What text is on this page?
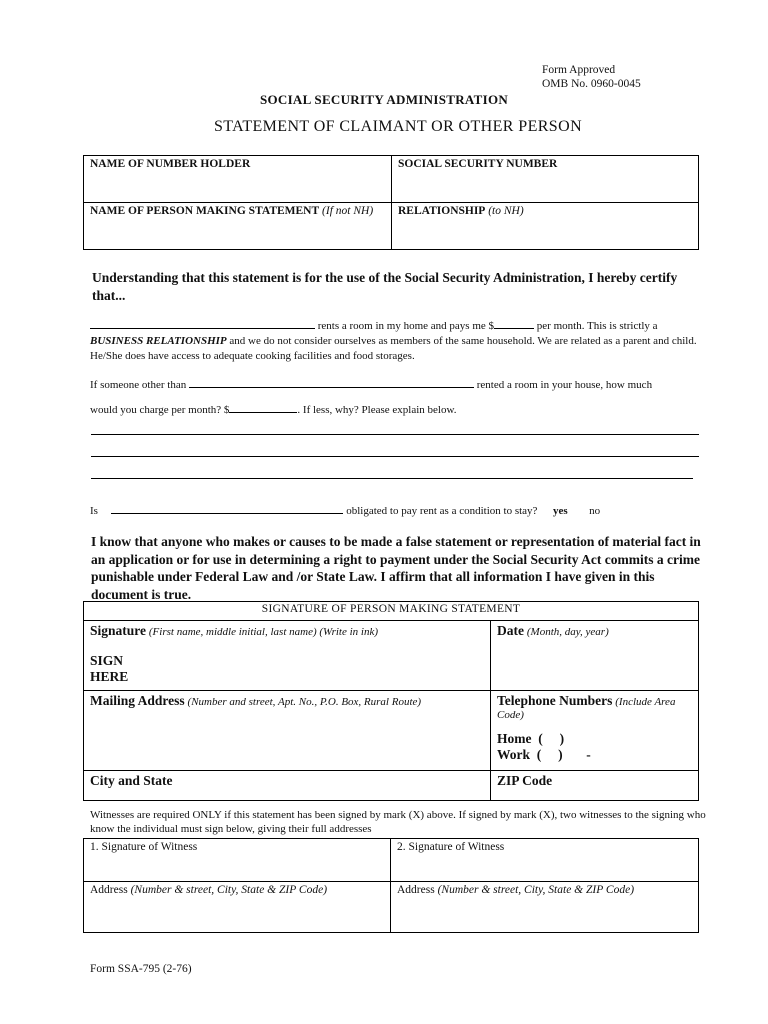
Form Approved
OMB No. 0960-0045
SOCIAL SECURITY ADMINISTRATION
STATEMENT OF CLAIMANT OR OTHER PERSON
NAME OF NUMBER HOLDER	SOCIAL SECURITY NUMBER
NAME OF PERSON MAKING STATEMENT (If not NH)	RELATIONSHIP (to NH)
Understanding that this statement is for the use of the Social Security Administration, I hereby certify that...
rents a room in my home and pays me $	per month. This is strictly a BUSINESS RELATIONSHIP and we do not consider ourselves as members of the same household. We are related as a parent and child. He/She does have access to adequate cooking facilities and food storages.
If someone other than	rented a room in your house, how much
would you charge per month? $	. If less, why? Please explain below.
Is	obligated to pay rent as a condition to stay? yes no
I know that anyone who makes or causes to be made a false statement or representation of material fact in an application or for use in determining a right to payment under the Social Security Act commits a crime punishable under Federal Law and /or State Law. I affirm that all information I have given in this document is true.
SIGNATURE OF PERSON MAKING STATEMENT	
Signature (First name, middle initial, last name) (Write in ink)
SIGN
HERE	Date (Month, day, year)
Mailing Address (Number and street, Apt. No., P.O. Box, Rural Route)	Telephone Numbers (Include Area Code)
Home  (     )
Work  (     )       -

City and State	ZIP Code
Witnesses are required ONLY if this statement has been signed by mark (X) above. If signed by mark (X), two witnesses to the signing who know the individual must sign below, giving their full addresses
1. Signature of Witness	2. Signature of Witness
Address (Number & street, City, State & ZIP Code)	Address (Number & street, City, State & ZIP Code)
Form SSA-795 (2-76)
